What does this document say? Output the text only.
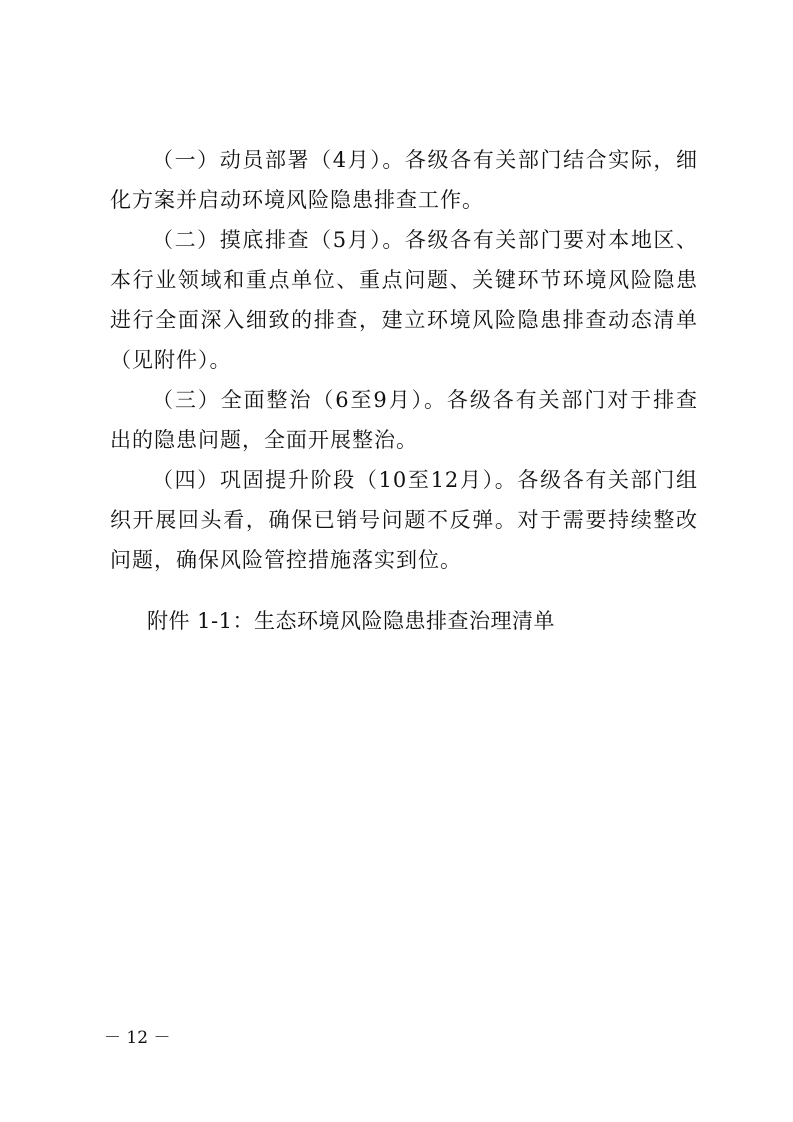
（一）动员部署（4月）。各级各有关部门结合实际，细化方案并启动环境风险隐患排查工作。

（二）摸底排查（5月）。各级各有关部门要对本地区、本行业领域和重点单位、重点问题、关键环节环境风险隐患进行全面深入细致的排查，建立环境风险隐患排查动态清单（见附件）。

（三）全面整治（6至9月）。各级各有关部门对于排查出的隐患问题，全面开展整治。

（四）巩固提升阶段（10至12月）。各级各有关部门组织开展回头看，确保已销号问题不反弹。对于需要持续整改问题，确保风险管控措施落实到位。

附件 1-1：生态环境风险隐患排查治理清单

－ 12 －
